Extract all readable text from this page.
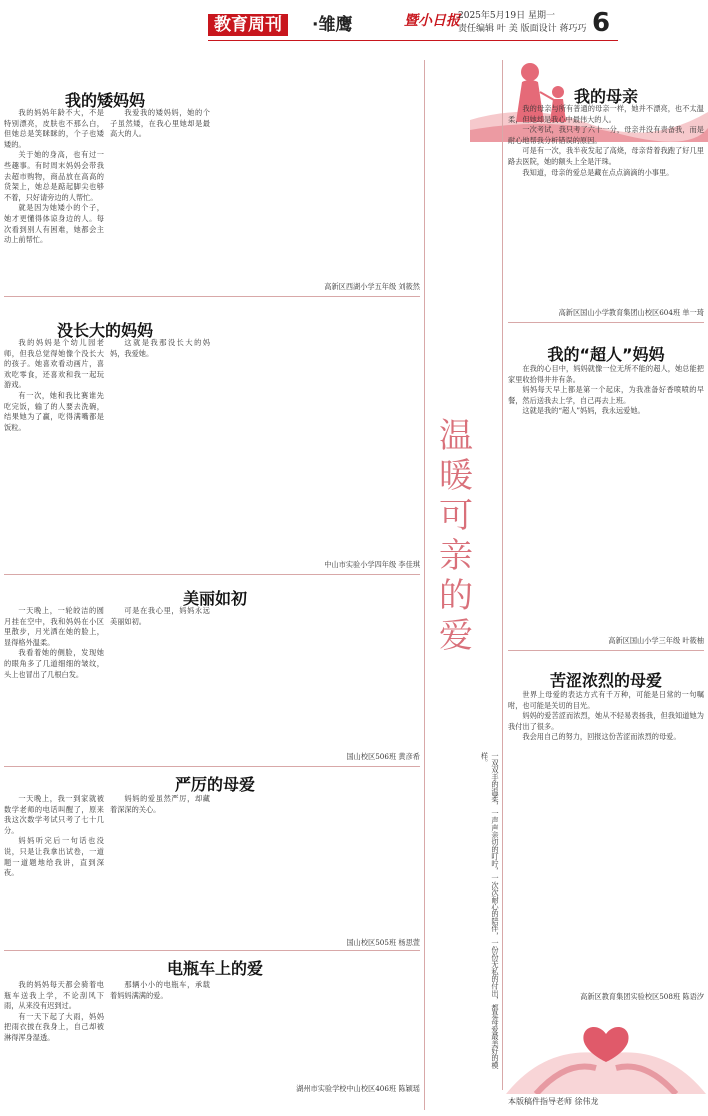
教育周刊	·雏鹰	暨小日报
2025年5月19日 星期一
责任编辑 叶 美 版面设计 蒋巧巧 6
我的矮妈妈

我的妈妈年龄不大，不是特别漂亮，皮肤也不那么白，但她总是笑眯眯的，个子也矮矮的。

关于她的身高，也有过一些趣事。有时周末妈妈会带我去超市购物，商品放在高高的货架上，她总是踮起脚尖也够不着，只好请旁边的人帮忙。

就是因为她矮小的个子，她才更懂得体谅身边的人。每次看到别人有困难，她都会主动上前帮忙。

我爱我的矮妈妈，她的个子虽然矮，在我心里她却是最高大的人。

高新区西湖小学五年级 刘筱然
没长大的妈妈

我的妈妈是个幼儿园老师，但我总觉得她像个没长大的孩子。她喜欢看动画片，喜欢吃零食，还喜欢和我一起玩游戏。

有一次，她和我比赛谁先吃完饭，输了的人要去洗碗，结果她为了赢，吃得满嘴都是饭粒。

这就是我那没长大的妈妈，我爱她。

中山市实验小学四年级 李佳琪
美丽如初

一天晚上，一轮皎洁的圆月挂在空中，我和妈妈在小区里散步，月光洒在她的脸上，显得格外温柔。

我看着她的侧脸，发现她的眼角多了几道细细的皱纹，头上也冒出了几根白发。

可是在我心里，妈妈永远美丽如初。

国山校区506班 黄彦希
严厉的母爱

一天晚上，我一到家就被数学老师的电话叫醒了，原来我这次数学考试只考了七十几分。

妈妈听完后一句话也没说，只是让我拿出试卷，一道题一道题地给我讲，直到深夜。

妈妈的爱虽然严厉，却藏着深深的关心。

国山校区505班 杨思萱
电瓶车上的爱

我的妈妈每天都会骑着电瓶车送我上学，不论刮风下雨，从来没有迟到过。

有一天下起了大雨，妈妈把雨衣披在我身上，自己却被淋得浑身湿透。

那辆小小的电瓶车，承载着妈妈满满的爱。

湖州市实验学校中山校区406班 陈颖瑶
温暖可亲的爱
一双双手的温柔，一声声亲切的叮咛，一次次耐心的陪伴，一份份无私的付出，都是母爱最美好的模样。
我的母亲

我的母亲与所有普通的母亲一样，她并不漂亮，也不太温柔，但她却是我心中最伟大的人。

一次考试，我只考了六十一分，母亲并没有责备我，而是耐心地帮我分析错误的原因。

可是有一次，我半夜发起了高烧，母亲背着我跑了好几里路去医院，她的额头上全是汗珠。

我知道，母亲的爱总是藏在点点滴滴的小事里。

高新区国山小学教育集团山校区604班 单一琦
我的“超人”妈妈

在我的心目中，妈妈就像一位无所不能的超人，她总能把家里收拾得井井有条。

妈妈每天早上都是第一个起床，为我准备好香喷喷的早餐，然后送我去上学，自己再去上班。

这就是我的“超人”妈妈，我永远爱她。

高新区国山小学三年级 叶筱柚
苦涩浓烈的母爱

世界上母爱的表达方式有千万种，可能是日常的一句嘱咐，也可能是关切的目光。

妈妈的爱苦涩而浓烈，她从不轻易表扬我，但我知道她为我付出了很多。

我会用自己的努力，回报这份苦涩而浓烈的母爱。

高新区教育集团实验校区508班 陈语汐
本版稿件指导老师 徐伟龙
